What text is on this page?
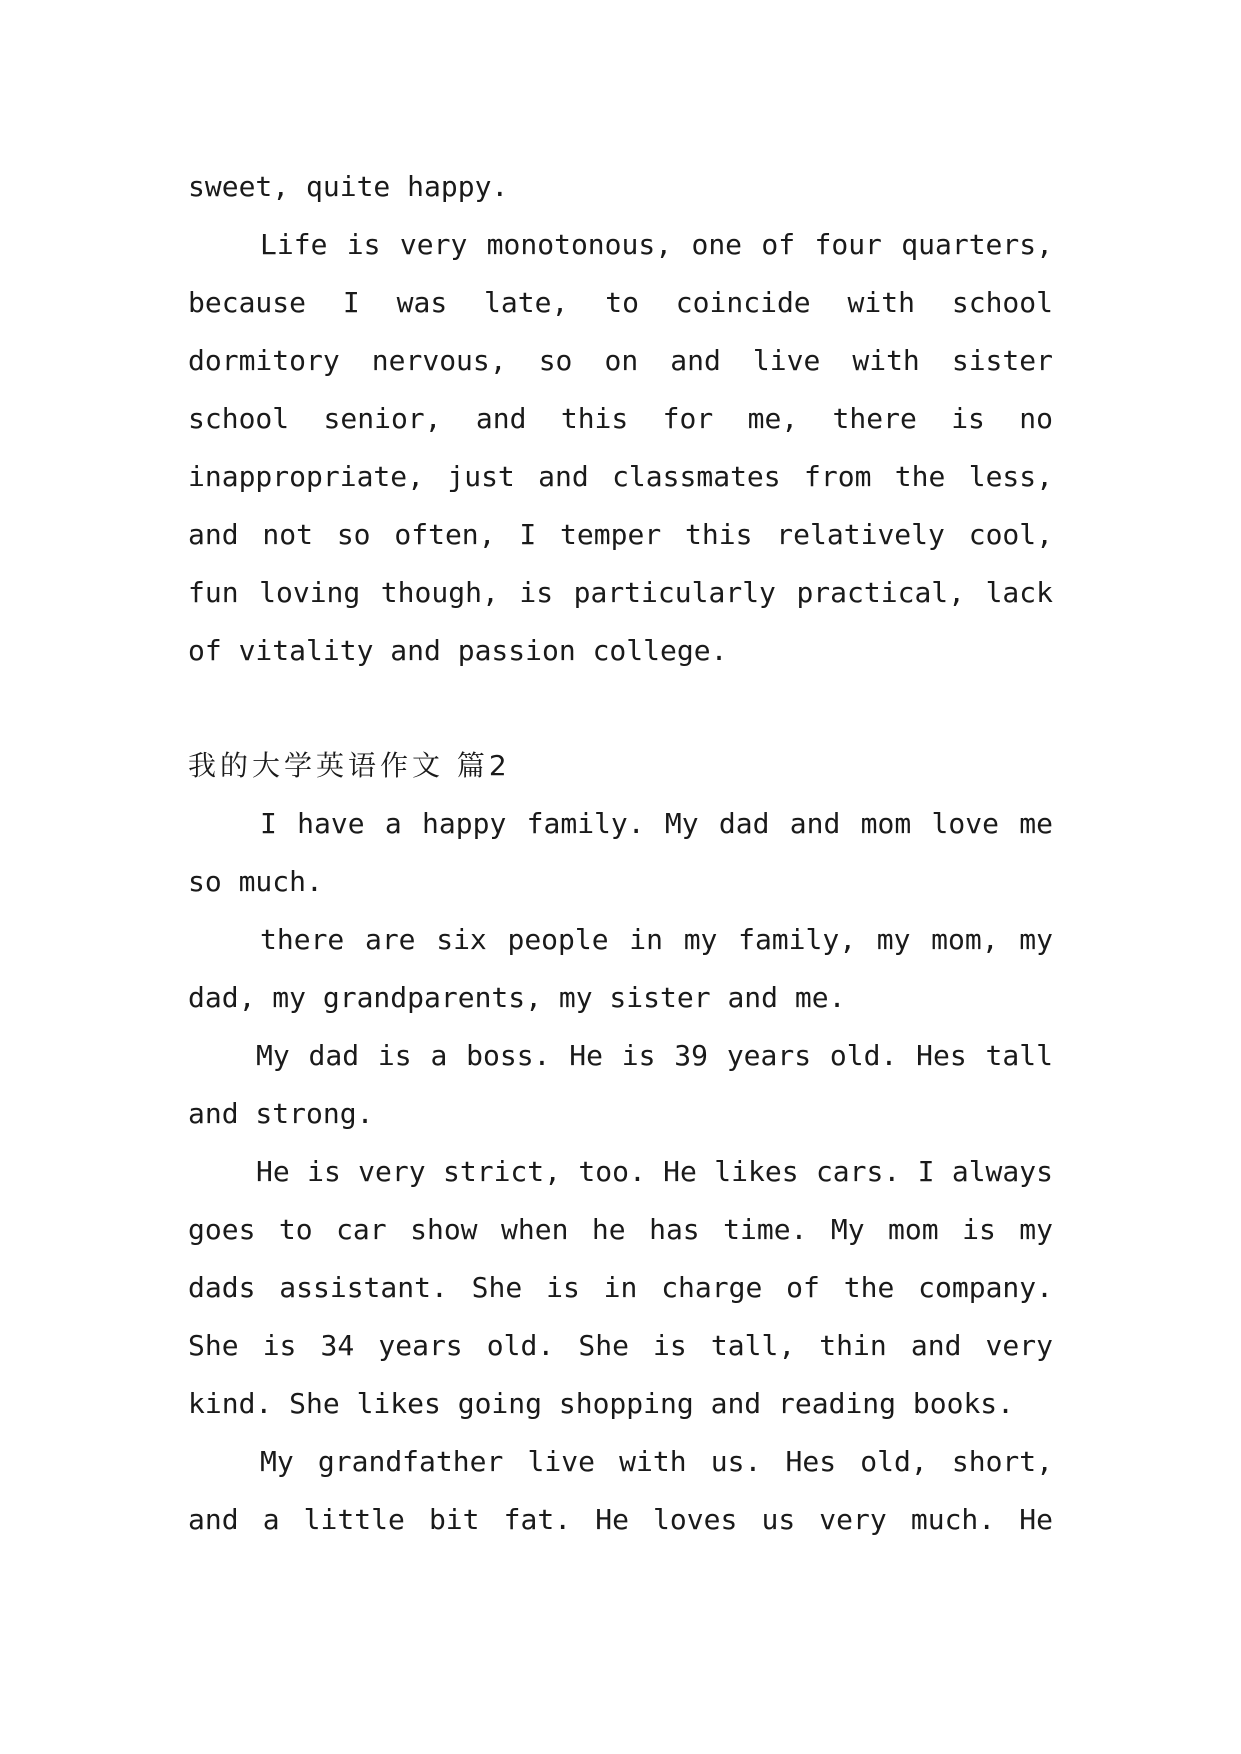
sweet, quite happy.
Life is very monotonous, one of four quarters,
because I was late, to coincide with school
dormitory nervous, so on and live with sister
school senior, and this for me, there is no
inappropriate, just and classmates from the less,
and not so often, I temper this relatively cool,
fun loving though, is particularly practical, lack
of vitality and passion college.
我的大学英语作文 篇2
I have a happy family. My dad and mom love me
so much.
there are six people in my family, my mom, my
dad, my grandparents, my sister and me.
My dad is a boss. He is 39 years old. Hes tall
and strong.
He is very strict, too. He likes cars. I always
goes to car show when he has time. My mom is my
dads assistant. She is in charge of the company.
She is 34 years old. She is tall, thin and very
kind. She likes going shopping and reading books.
My grandfather live with us. Hes old, short,
and a little bit fat. He loves us very much. He
